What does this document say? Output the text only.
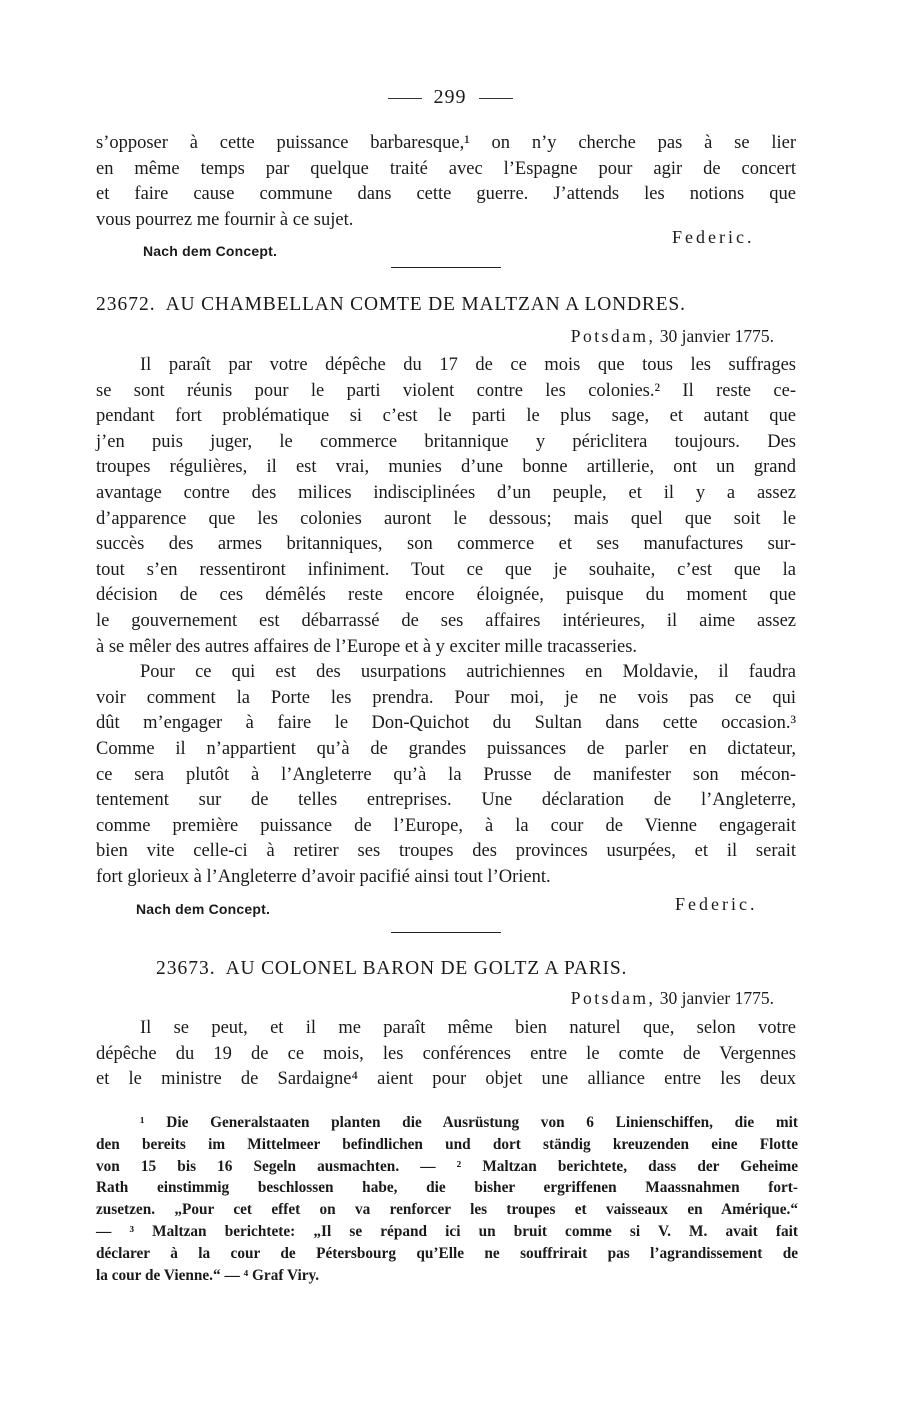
299
s’opposer à cette puissance barbaresque,¹ on n’y cherche pas à se lier
en même temps par quelque traité avec l’Espagne pour agir de concert
et faire cause commune dans cette guerre. J’attends les notions que
vous pourrez me fournir à ce sujet.
Federic.
Nach dem Concept.
23672. AU CHAMBELLAN COMTE DE MALTZAN A LONDRES.
Potsdam, 30 janvier 1775.
Il paraît par votre dépêche du 17 de ce mois que tous les suffrages
se sont réunis pour le parti violent contre les colonies.² Il reste ce-
pendant fort problématique si c’est le parti le plus sage, et autant que
j’en puis juger, le commerce britannique y périclitera toujours. Des
troupes régulières, il est vrai, munies d’une bonne artillerie, ont un grand
avantage contre des milices indisciplinées d’un peuple, et il y a assez
d’apparence que les colonies auront le dessous; mais quel que soit le
succès des armes britanniques, son commerce et ses manufactures sur-
tout s’en ressentiront infiniment. Tout ce que je souhaite, c’est que la
décision de ces démêlés reste encore éloignée, puisque du moment que
le gouvernement est débarrassé de ses affaires intérieures, il aime assez
à se mêler des autres affaires de l’Europe et à y exciter mille tracasseries.
Pour ce qui est des usurpations autrichiennes en Moldavie, il faudra
voir comment la Porte les prendra. Pour moi, je ne vois pas ce qui
dût m’engager à faire le Don-Quichot du Sultan dans cette occasion.³
Comme il n’appartient qu’à de grandes puissances de parler en dictateur,
ce sera plutôt à l’Angleterre qu’à la Prusse de manifester son mécon-
tentement sur de telles entreprises. Une déclaration de l’Angleterre,
comme première puissance de l’Europe, à la cour de Vienne engagerait
bien vite celle-ci à retirer ses troupes des provinces usurpées, et il serait
fort glorieux à l’Angleterre d’avoir pacifié ainsi tout l’Orient.
Nach dem Concept.	Federic.
23673. AU COLONEL BARON DE GOLTZ A PARIS.
Potsdam, 30 janvier 1775.
Il se peut, et il me paraît même bien naturel que, selon votre
dépêche du 19 de ce mois, les conférences entre le comte de Vergennes
et le ministre de Sardaigne⁴ aient pour objet une alliance entre les deux
¹ Die Generalstaaten planten die Ausrüstung von 6 Linienschiffen, die mit
den bereits im Mittelmeer befindlichen und dort ständig kreuzenden eine Flotte
von 15 bis 16 Segeln ausmachten. — ² Maltzan berichtete, dass der Geheime
Rath einstimmig beschlossen habe, die bisher ergriffenen Maassnahmen fort-
zusetzen. „Pour cet effet on va renforcer les troupes et vaisseaux en Amérique.“
— ³ Maltzan berichtete: „Il se répand ici un bruit comme si V. M. avait fait
déclarer à la cour de Pétersbourg qu’Elle ne souffrirait pas l’agrandissement de
la cour de Vienne.“ — ⁴ Graf Viry.
